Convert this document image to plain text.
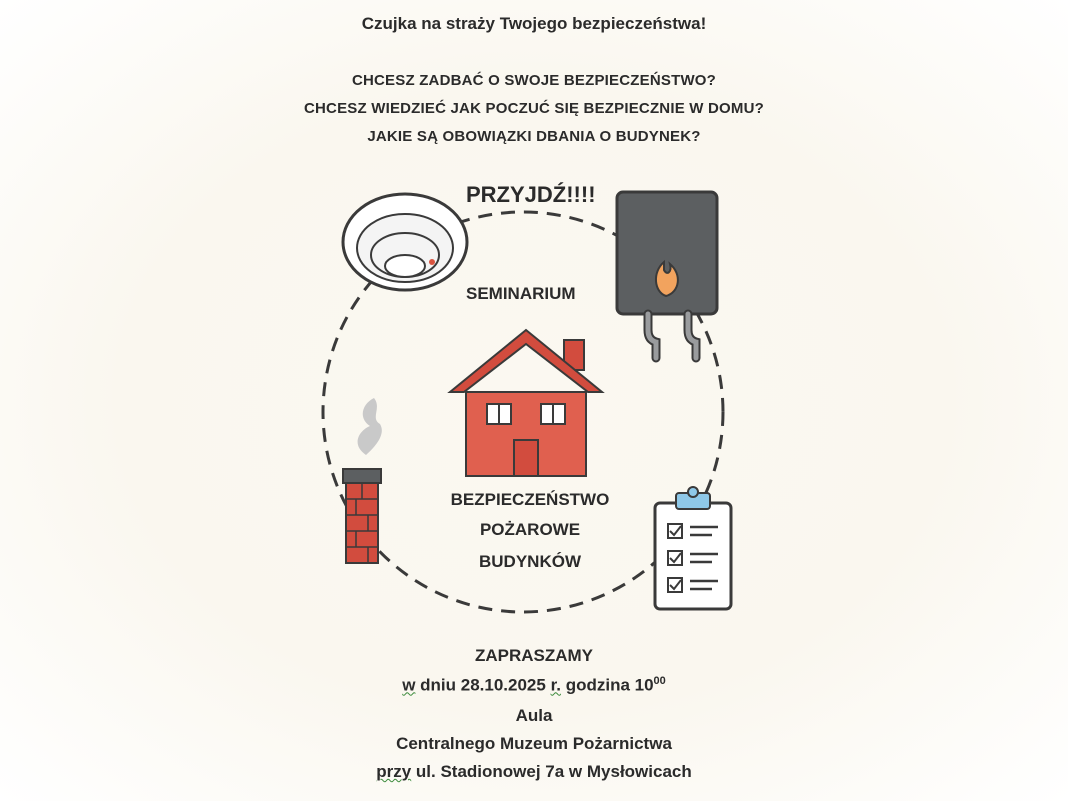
Czujka na straży Twojego bezpieczeństwa!
CHCESZ ZADBAĆ O SWOJE BEZPIECZEŃSTWO?
CHCESZ WIEDZIEĆ JAK POCZUĆ SIĘ BEZPIECZNIE W DOMU?
JAKIE SĄ OBOWIĄZKI DBANIA O BUDYNEK?
PRZYJDŹ!!!!
SEMINARIUM
BEZPIECZEŃSTWO
POŻAROWE
BUDYNKÓW
ZAPRASZAMY
w dniu 28.10.2025 r. godzina $10^{00}$
Aula
Centralnego Muzeum Pożarnictwa
przy ul. Stadionowej 7a w Mysłowicach
